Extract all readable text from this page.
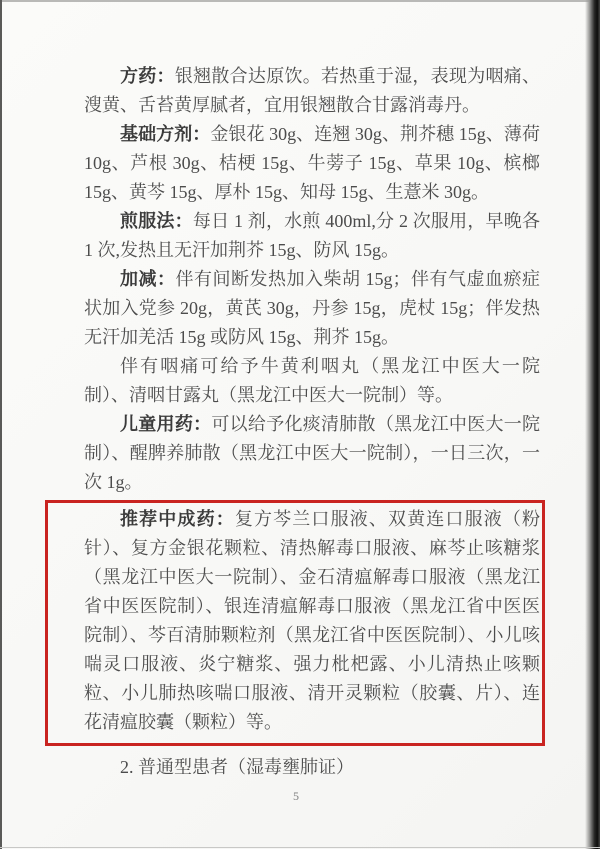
方药：银翘散合达原饮。若热重于湿，表现为咽痛、溲黄、舌苔黄厚腻者，宜用银翘散合甘露消毒丹。

基础方剂：金银花 30g、连翘 30g、荆芥穗 15g、薄荷 10g、芦根 30g、桔梗 15g、牛蒡子 15g、草果 10g、槟榔 15g、黄芩 15g、厚朴 15g、知母 15g、生薏米 30g。

煎服法：每日 1 剂，水煎 400ml,分 2 次服用，早晚各 1 次,发热且无汗加荆芥 15g、防风 15g。

加减：伴有间断发热加入柴胡 15g；伴有气虚血瘀症状加入党参 20g，黄芪 30g，丹参 15g，虎杖 15g；伴发热无汗加羌活 15g 或防风 15g、荆芥 15g。

伴有咽痛可给予牛黄利咽丸（黑龙江中医大一院制）、清咽甘露丸（黑龙江中医大一院制）等。

儿童用药：可以给予化痰清肺散（黑龙江中医大一院制）、醒脾养肺散（黑龙江中医大一院制），一日三次，一次 1g。

推荐中成药：复方芩兰口服液、双黄连口服液（粉针）、复方金银花颗粒、清热解毒口服液、麻芩止咳糖浆（黑龙江中医大一院制）、金石清瘟解毒口服液（黑龙江省中医医院制）、银连清瘟解毒口服液（黑龙江省中医医院制）、芩百清肺颗粒剂（黑龙江省中医医院制）、小儿咳喘灵口服液、炎宁糖浆、强力枇杷露、小儿清热止咳颗粒、小儿肺热咳喘口服液、清开灵颗粒（胶囊、片）、连花清瘟胶囊（颗粒）等。

2. 普通型患者（湿毒壅肺证）

5
